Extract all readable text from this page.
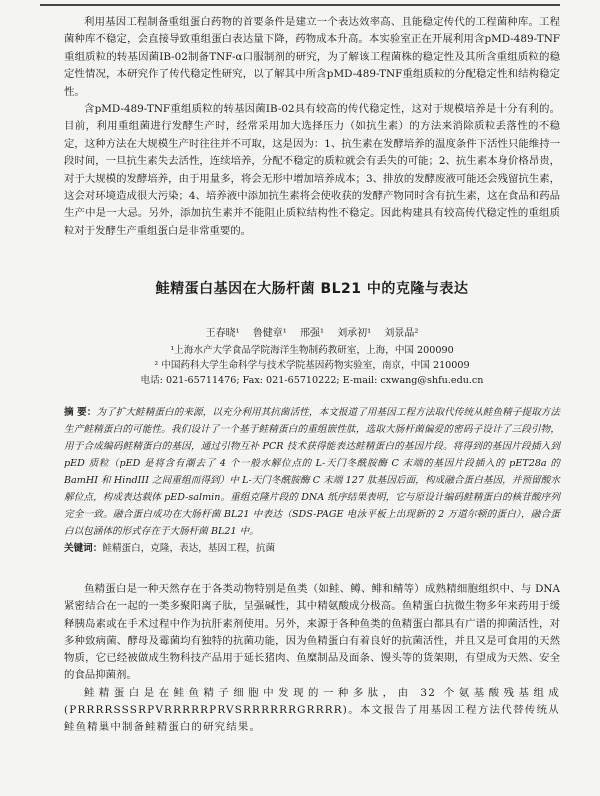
利用基因工程制备重组蛋白药物的首要条件是建立一个表达效率高、且能稳定传代的工程菌种库。工程菌种库不稳定，会直接导致重组蛋白表达量下降，药物成本升高。本实验室正在开展利用含pMD-489-TNF重组质粒的转基因菌IB-02制备TNF-α口服制剂的研究，为了解该工程菌株的稳定性及其所含重组质粒的稳定性情况，本研究作了传代稳定性研究，以了解其中所含pMD-489-TNF重组质粒的分配稳定性和结构稳定性。

含pMD-489-TNF重组质粒的转基因菌IB-02具有较高的传代稳定性，这对于规模培养是十分有利的。目前，利用重组菌进行发酵生产时，经常采用加大选择压力（如抗生素）的方法来消除质粒丢落性的不稳定，这种方法在大规模生产时往往并不可取，这是因为：1、抗生素在发酵培养的温度条件下活性只能维持一段时间，一旦抗生素失去活性，连续培养，分配不稳定的质粒就会有丢失的可能；2、抗生素本身价格昂贵，对于大规模的发酵培养，由于用量多，将会无形中增加培养成本；3、排放的发酵废液可能还会残留抗生素，这会对环境造成很大污染；4、培养液中添加抗生素将会使收获的发酵产物同时含有抗生素，这在食品和药品生产中是一大忌。另外，添加抗生素并不能阻止质粒结构性不稳定。因此构建具有较高传代稳定性的重组质粒对于发酵生产重组蛋白是非常重要的。

鲑精蛋白基因在大肠杆菌 BL21 中的克隆与表达
王春晓¹ 鲁健章¹ 邢强¹ 刘承初¹ 刘景晶²
¹上海水产大学食品学院海洋生物制药教研室，上海，中国 200090
² 中国药科大学生命科学与技术学院基因药物实验室，南京，中国 210009
电话: 021-65711476; Fax: 021-65710222; E-mail: cxwang@shfu.edu.cn

摘 要：为了扩大鲑精蛋白的来源，以充分利用其抗菌活性，本文报道了用基因工程方法取代传统从鲑鱼精子提取方法生产鲑精蛋白的可能性。我们设计了一个基于鲑精蛋白的重组嵌性肽，选取大肠杆菌偏爱的密码子设计了三段引物，用于合成编码鲑精蛋白的基因，通过引物互补 PCR 技术获得能表达鲑精蛋白的基因片段。将得到的基因片段插入到 pED 质粒（pED 是将含有潮去了 4 个一般水解位点的 L-天门冬酰胺酶 C 末端的基因片段插入的 pET28a 的 BamHI 和 HindIII 之间重组而得到）中 L-天门冬酰胺酶 C 末端 127 肽基因后面，构成融合蛋白基因，并预留酸水解位点，构成表达载体 pED-salmin。重组克隆片段的 DNA 纸序结果表明，它与原设计编码鲑精蛋白的核苷酸序列完全一致。融合蛋白成功在大肠杆菌 BL21 中表达（SDS-PAGE 电泳平板上出现新的 2 万道尔顿的蛋白），融合蛋白以包涵体的形式存在于大肠杆菌 BL21 中。

关键词：鲑精蛋白，克隆，表达，基因工程，抗菌

鱼精蛋白是一种天然存在于各类动物特别是鱼类（如鲑、鳟、鲱和鲭等）成熟精细胞组织中、与 DNA 紧密结合在一起的一类多聚阳离子肽，呈强碱性，其中精氨酸成分极高。鱼精蛋白抗微生物多年来药用于缓释胰岛素或在手术过程中作为抗肝素剂使用。另外，来源于各种鱼类的鱼精蛋白都具有广谱的抑菌活性，对多种致病菌、酵母及霉菌均有独特的抗菌功能，因为鱼精蛋白有着良好的抗菌活性，并且又是可食用的天然物质，它已经被做成生物科技产品用于延长猪肉、鱼糜制品及面条、馒头等的货架期，有望成为天然、安全的食品抑菌剂。

鲑精蛋白是在鲑鱼精子细胞中发现的一种多肽，由 32 个氨基酸残基组成(PRRRRSSSRPVRRRRRPRVSRRRRRRGRRRR)。本文报告了用基因工程方法代替传统从鲑鱼精巢中制备鲑精蛋白的研究结果。
